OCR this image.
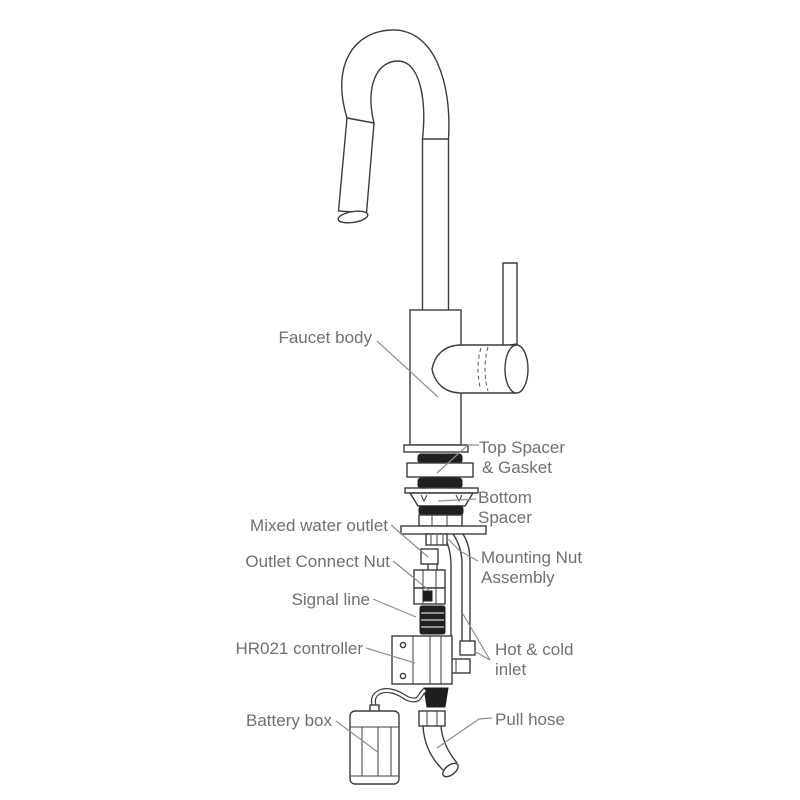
Faucet body
Top Spacer
& Gasket
Bottom
Spacer
Mixed water outlet
Mounting Nut
Assembly
Outlet Connect Nut
Signal line
HR021 controller	Hot & cold
inlet
Battery box	Pull hose
